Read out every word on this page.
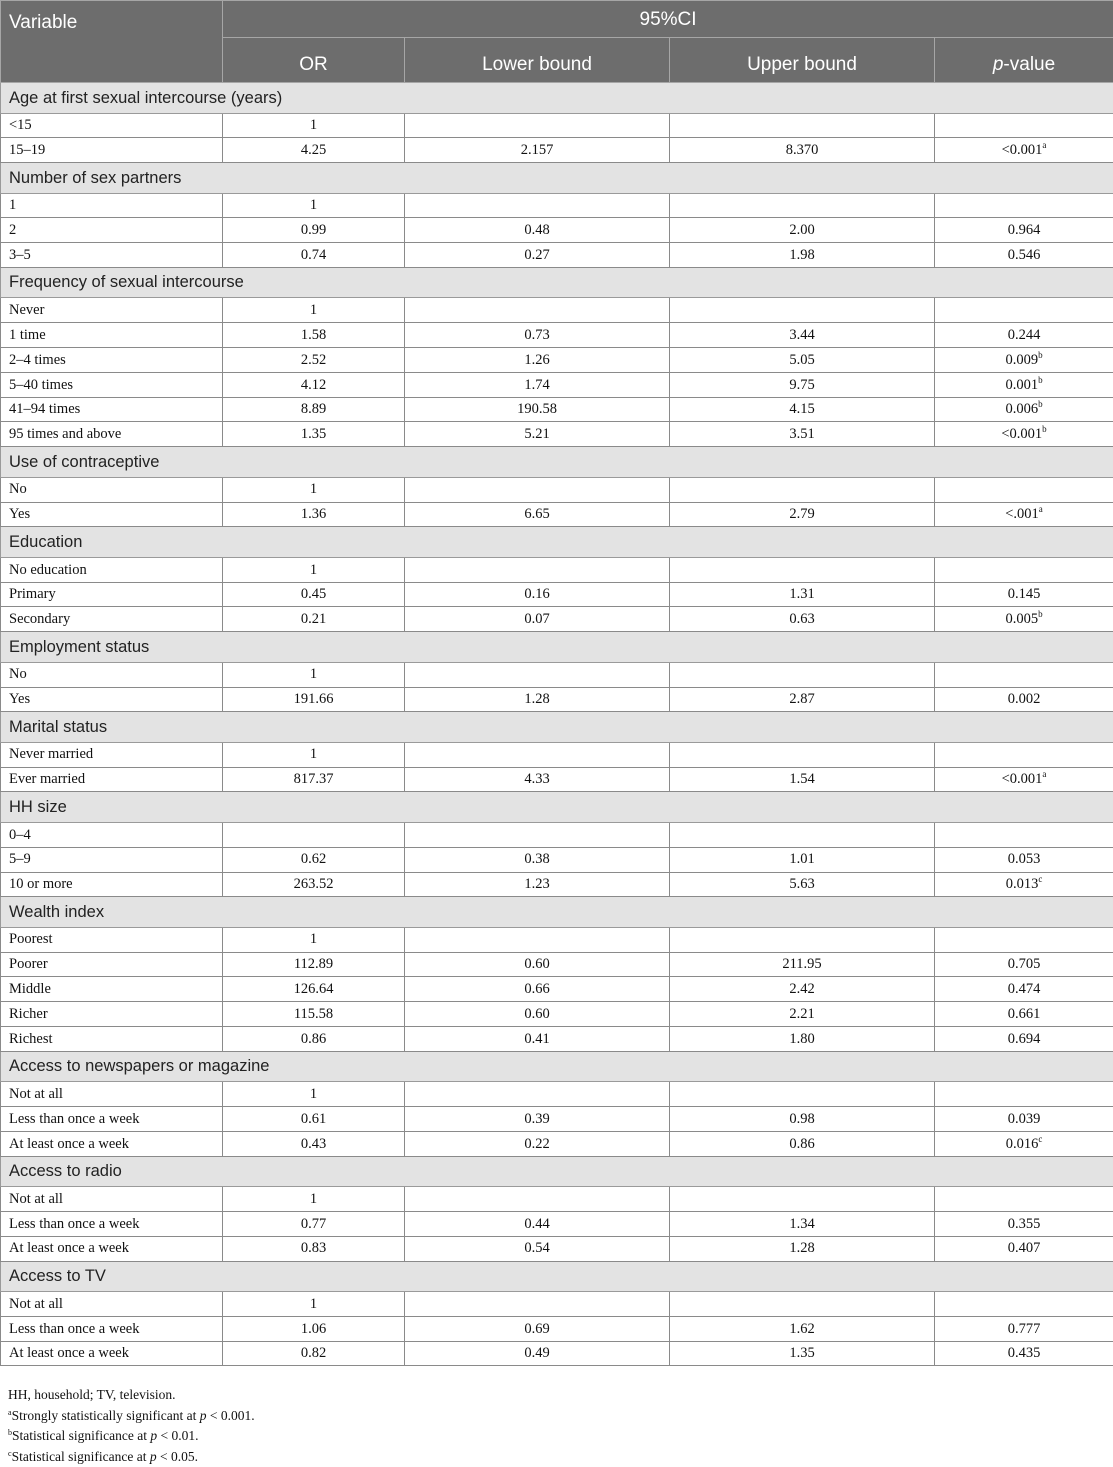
Variable	95%CI			
	OR	Lower bound	Upper bound	p-value
Age at first sexual intercourse (years)				
<15	1			
15–19	4.25	2.157	8.370	<0.001$^a$
Number of sex partners				
1	1			
2	0.99	0.48	2.00	0.964
3–5	0.74	0.27	1.98	0.546
Frequency of sexual intercourse				
Never	1			
1 time	1.58	0.73	3.44	0.244
2–4 times	2.52	1.26	5.05	0.009$^b$
5–40 times	4.12	1.74	9.75	0.001$^b$
41–94 times	8.89	190.58	4.15	0.006$^b$
95 times and above	1.35	5.21	3.51	<0.001$^b$
Use of contraceptive				
No	1			
Yes	1.36	6.65	2.79	<.001$^a$
Education				
No education	1			
Primary	0.45	0.16	1.31	0.145
Secondary	0.21	0.07	0.63	0.005$^b$
Employment status				
No	1			
Yes	191.66	1.28	2.87	0.002
Marital status				
Never married	1			
Ever married	817.37	4.33	1.54	<0.001$^a$
HH size				
0–4				
5–9	0.62	0.38	1.01	0.053
10 or more	263.52	1.23	5.63	0.013$^c$
Wealth index				
Poorest	1			
Poorer	112.89	0.60	211.95	0.705
Middle	126.64	0.66	2.42	0.474
Richer	115.58	0.60	2.21	0.661
Richest	0.86	0.41	1.80	0.694
Access to newspapers or magazine				
Not at all	1			
Less than once a week	0.61	0.39	0.98	0.039
At least once a week	0.43	0.22	0.86	0.016$^c$
Access to radio				
Not at all	1			
Less than once a week	0.77	0.44	1.34	0.355
At least once a week	0.83	0.54	1.28	0.407
Access to TV				
Not at all	1			
Less than once a week	1.06	0.69	1.62	0.777
At least once a week	0.82	0.49	1.35	0.435
HH, household; TV, television.
$^a$Strongly statistically significant at p < 0.001.
$^b$Statistical significance at p < 0.01.
$^c$Statistical significance at p < 0.05.
